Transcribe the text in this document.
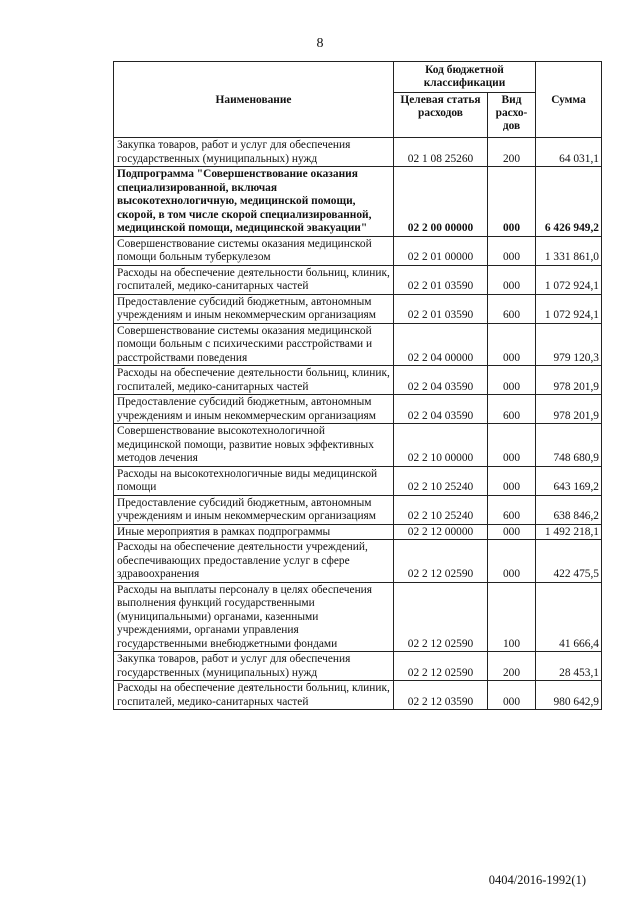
8
Наименование	Код бюджетной классификации		Сумма
	Целевая статья расходов	Вид расхо-дов	
Закупка товаров, работ и услуг для обеспечения государственных (муниципальных) нужд	02 1 08 25260	200	64 031,1
Подпрограмма "Совершенствование оказания специализированной, включая высокотехнологичную, медицинской помощи, скорой, в том числе скорой специализированной, медицинской помощи, медицинской эвакуации"	02 2 00 00000	000	6 426 949,2
Совершенствование системы оказания медицинской помощи больным туберкулезом	02 2 01 00000	000	1 331 861,0
Расходы на обеспечение деятельности больниц, клиник, госпиталей, медико-санитарных частей	02 2 01 03590	000	1 072 924,1
Предоставление субсидий бюджетным, автономным учреждениям и иным некоммерческим организациям	02 2 01 03590	600	1 072 924,1
Совершенствование системы оказания медицинской помощи больным с психическими расстройствами и расстройствами поведения	02 2 04 00000	000	979 120,3
Расходы на обеспечение деятельности больниц, клиник, госпиталей, медико-санитарных частей	02 2 04 03590	000	978 201,9
Предоставление субсидий бюджетным, автономным учреждениям и иным некоммерческим организациям	02 2 04 03590	600	978 201,9
Совершенствование высокотехнологичной медицинской помощи, развитие новых эффективных методов лечения	02 2 10 00000	000	748 680,9
Расходы на высокотехнологичные виды медицинской помощи	02 2 10 25240	000	643 169,2
Предоставление субсидий бюджетным, автономным учреждениям и иным некоммерческим организациям	02 2 10 25240	600	638 846,2
Иные мероприятия в рамках подпрограммы	02 2 12 00000	000	1 492 218,1
Расходы на обеспечение деятельности учреждений, обеспечивающих предоставление услуг в сфере здравоохранения	02 2 12 02590	000	422 475,5
Расходы на выплаты персоналу в целях обеспечения выполнения функций государственными (муниципальными) органами, казенными учреждениями, органами управления государственными внебюджетными фондами	02 2 12 02590	100	41 666,4
Закупка товаров, работ и услуг для обеспечения государственных (муниципальных) нужд	02 2 12 02590	200	28 453,1
Расходы на обеспечение деятельности больниц, клиник, госпиталей, медико-санитарных частей	02 2 12 03590	000	980 642,9
0404/2016-1992(1)
